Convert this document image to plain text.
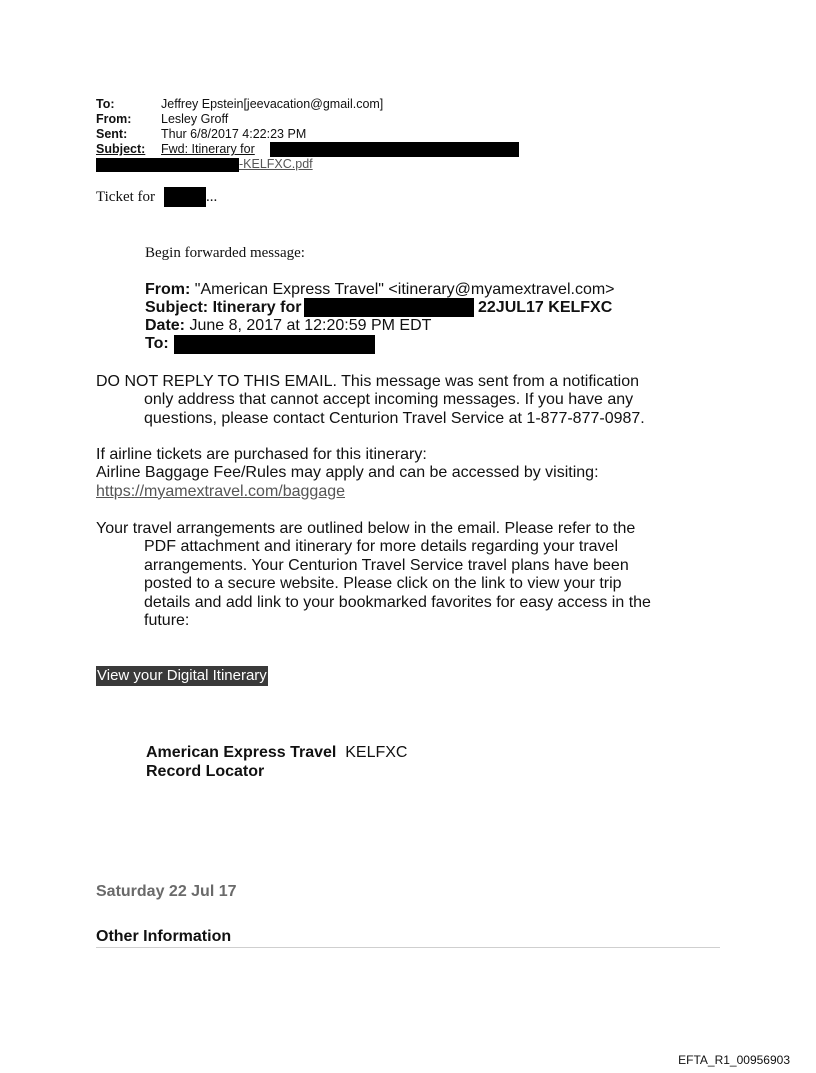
To:	Jeffrey Epstein[jeevacation@gmail.com]
From: Lesley Groff
Sent:	Thur 6/8/2017 4:22:23 PM
Subject: Fwd: Itinerary for
-KELFXC.pdf
Ticket for	...
Begin forwarded message:
From: "American Express Travel" <itinerary@myamextravel.com>
Subject: Itinerary for	22JUL17 KELFXC
Date: June 8, 2017 at 12:20:59 PM EDT
To:
DO NOT REPLY TO THIS EMAIL. This message was sent from a notification
only address that cannot accept incoming messages. If you have any
questions, please contact Centurion Travel Service at 1-877-877-0987.
If airline tickets are purchased for this itinerary:
Airline Baggage Fee/Rules may apply and can be accessed by visiting:
https://myamextravel.com/baggage
Your travel arrangements are outlined below in the email. Please refer to the
PDF attachment and itinerary for more details regarding your travel
arrangements. Your Centurion Travel Service travel plans have been
posted to a secure website. Please click on the link to view your trip
details and add link to your bookmarked favorites for easy access in the
future:
View your Digital Itinerary
American Express Travel KELFXC
Record Locator
Saturday 22 Jul 17
Other Information
EFTA_R1_00956903
